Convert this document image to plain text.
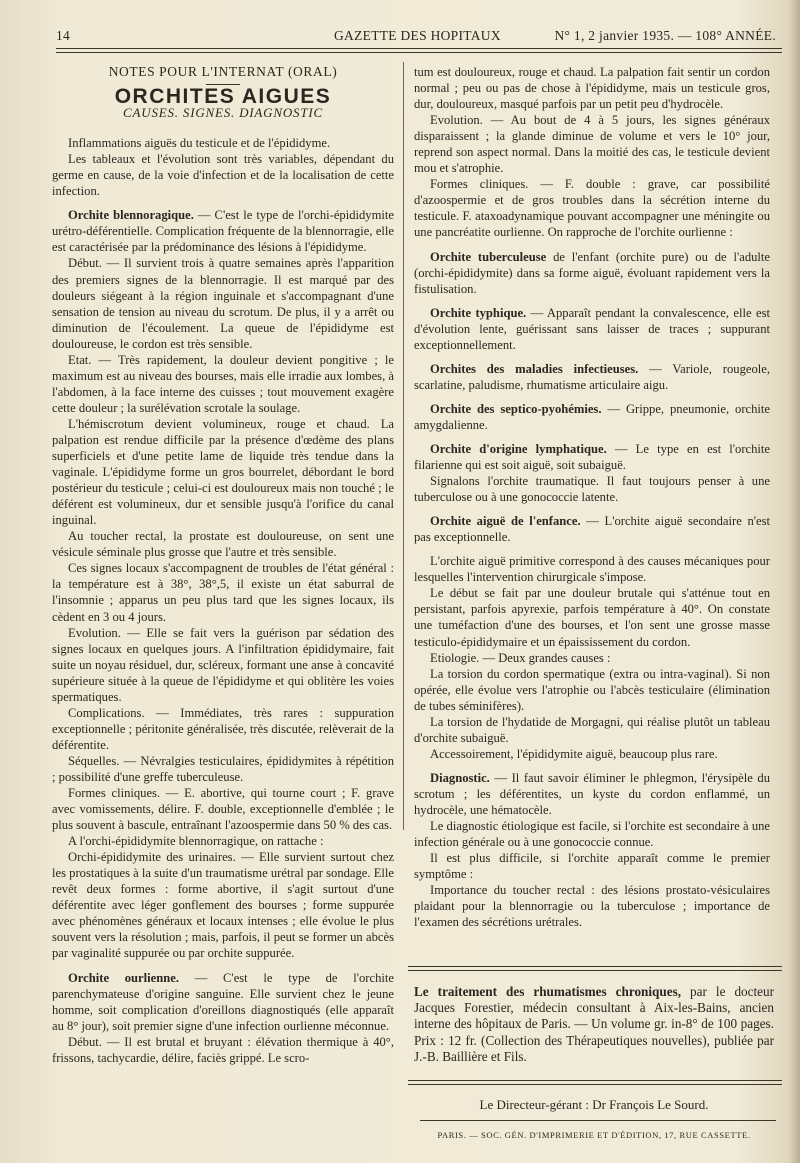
14	GAZETTE DES HOPITAUX	N° 1, 2 janvier 1935. — 108° ANNÉE.

NOTES POUR L'INTERNAT (ORAL)

ORCHITES AIGUES

CAUSES. SIGNES. DIAGNOSTIC

Inflammations aiguës du testicule et de l'épididyme.

Les tableaux et l'évolution sont très variables, dépendant du germe en cause, de la voie d'infection et de la localisation de cette infection.

Orchite blennoragique. — C'est le type de l'orchi-épididymite urétro-déférentielle. Complication fréquente de la blennorragie, elle est caractérisée par la prédominance des lésions à l'épididyme.

Début. — Il survient trois à quatre semaines après l'apparition des premiers signes de la blennorragie. Il est marqué par des douleurs siégeant à la région inguinale et s'accompagnant d'une sensation de tension au niveau du scrotum. De plus, il y a arrêt ou diminution de l'écoulement. La queue de l'épididyme est douloureuse, le cordon est très sensible.

Etat. — Très rapidement, la douleur devient pongitive ; le maximum est au niveau des bourses, mais elle irradie aux lombes, à l'abdomen, à la face interne des cuisses ; tout mouvement exagère cette douleur ; la surélévation scrotale la soulage.

L'hémiscrotum devient volumineux, rouge et chaud. La palpation est rendue difficile par la présence d'œdème des plans superficiels et d'une petite lame de liquide très tendue dans la vaginale. L'épididyme forme un gros bourrelet, débordant le bord postérieur du testicule ; celui-ci est douloureux mais non touché ; le déférent est volumineux, dur et sensible jusqu'à l'orifice du canal inguinal.

Au toucher rectal, la prostate est douloureuse, on sent une vésicule séminale plus grosse que l'autre et très sensible.

Ces signes locaux s'accompagnent de troubles de l'état général : la température est à 38°, 38°,5, il existe un état saburral de l'insomnie ; apparus un peu plus tard que les signes locaux, ils cèdent en 3 ou 4 jours.

Evolution. — Elle se fait vers la guérison par sédation des signes locaux en quelques jours. A l'infiltration épididymaire, fait suite un noyau résiduel, dur, scléreux, formant une anse à concavité supérieure située à la queue de l'épididyme et qui oblitère les voies spermatiques.

Complications. — Immédiates, très rares : suppuration exceptionnelle ; péritonite généralisée, très discutée, relèverait de la déférentite.

Séquelles. — Névralgies testiculaires, épididymites à répétition ; possibilité d'une greffe tuberculeuse.

Formes cliniques. — E. abortive, qui tourne court ; F. grave avec vomissements, délire. F. double, exceptionnelle d'emblée ; le plus souvent à bascule, entraînant l'azoospermie dans 50 % des cas.

A l'orchi-épididymite blennorragique, on rattache :

Orchi-épididymite des urinaires. — Elle survient surtout chez les prostatiques à la suite d'un traumatisme urétral par sondage. Elle revêt deux formes : forme abortive, il s'agit surtout d'une déférentite avec léger gonflement des bourses ; forme suppurée avec phénomènes généraux et locaux intenses ; elle évolue le plus souvent vers la résolution ; mais, parfois, il peut se former un abcès par vaginalité suppurée ou par orchite suppurée.

Orchite ourlienne. — C'est le type de l'orchite parenchymateuse d'origine sanguine. Elle survient chez le jeune homme, soit complication d'oreillons diagnostiqués (elle apparaît au 8° jour), soit premier signe d'une infection ourlienne méconnue.

Début. — Il est brutal et bruyant : élévation thermique à 40°, frissons, tachycardie, délire, faciès grippé. Le scro-

tum est douloureux, rouge et chaud. La palpation fait sentir un cordon normal ; peu ou pas de chose à l'épididyme, mais un testicule gros, dur, douloureux, masqué parfois par un petit peu d'hydrocèle.

Evolution. — Au bout de 4 à 5 jours, les signes généraux disparaissent ; la glande diminue de volume et vers le 10° jour, reprend son aspect normal. Dans la moitié des cas, le testicule devient mou et s'atrophie.

Formes cliniques. — F. double : grave, car possibilité d'azoospermie et de gros troubles dans la sécrétion interne du testicule. F. ataxoadynamique pouvant accompagner une méningite ou une pancréatite ourlienne. On rapproche de l'orchite ourlienne :

Orchite tuberculeuse de l'enfant (orchite pure) ou de l'adulte (orchi-épididymite) dans sa forme aiguë, évoluant rapidement vers la fistulisation.

Orchite typhique. — Apparaît pendant la convalescence, elle est d'évolution lente, guérissant sans laisser de traces ; suppurant exceptionnellement.

Orchites des maladies infectieuses. — Variole, rougeole, scarlatine, paludisme, rhumatisme articulaire aigu.

Orchite des septico-pyohémies. — Grippe, pneumonie, orchite amygdalienne.

Orchite d'origine lymphatique. — Le type en est l'orchite filarienne qui est soit aiguë, soit subaiguë.

Signalons l'orchite traumatique. Il faut toujours penser à une tuberculose ou à une gonococcie latente.

Orchite aiguë de l'enfance. — L'orchite aiguë secondaire n'est pas exceptionnelle.

L'orchite aiguë primitive correspond à des causes mécaniques pour lesquelles l'intervention chirurgicale s'impose.

Le début se fait par une douleur brutale qui s'atténue tout en persistant, parfois apyrexie, parfois température à 40°. On constate une tuméfaction d'une des bourses, et l'on sent une grosse masse testiculo-épididymaire et un épaississement du cordon.

Etiologie. — Deux grandes causes :

La torsion du cordon spermatique (extra ou intra-vaginal). Si non opérée, elle évolue vers l'atrophie ou l'abcès testiculaire (élimination de tubes séminifères).

La torsion de l'hydatide de Morgagni, qui réalise plutôt un tableau d'orchite subaiguë.

Accessoirement, l'épididymite aiguë, beaucoup plus rare.

Diagnostic. — Il faut savoir éliminer le phlegmon, l'érysipèle du scrotum ; les déférentites, un kyste du cordon enflammé, un hydrocèle, une hématocèle.

Le diagnostic étiologique est facile, si l'orchite est secondaire à une infection générale ou à une gonococcie connue.

Il est plus difficile, si l'orchite apparaît comme le premier symptôme :

Importance du toucher rectal : des lésions prostato-vésiculaires plaidant pour la blennorragie ou la tuberculose ; importance de l'examen des sécrétions urétrales.

Le traitement des rhumatismes chroniques, par le docteur Jacques Forestier, médecin consultant à Aix-les-Bains, ancien interne des hôpitaux de Paris. — Un volume gr. in-8° de 100 pages. Prix : 12 fr. (Collection des Thérapeutiques nouvelles), publiée par J.-B. Baillière et Fils.

Le Directeur-gérant : Dr François Le Sourd.
PARIS. — SOC. GÉN. D'IMPRIMERIE ET D'ÉDITION, 17, RUE CASSETTE.
